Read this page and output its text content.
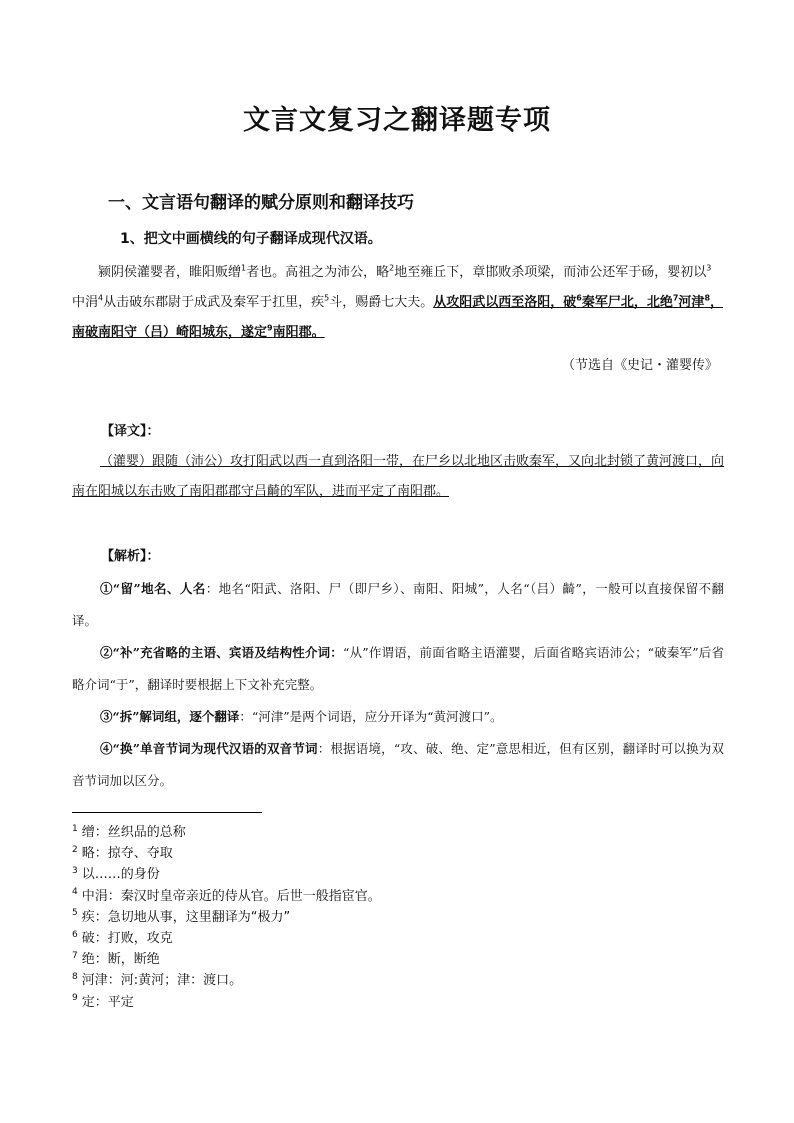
文言文复习之翻译题专项
一、文言语句翻译的赋分原则和翻译技巧
1、把文中画横线的句子翻译成现代汉语。
颍阴侯灌婴者，睢阳贩缯$^1$者也。高祖之为沛公，略$^2$地至雍丘下，章邯败杀项梁，而沛公还军于砀，婴初以$^3$中涓$^4$从击破东郡尉于成武及秦军于扛里，疾$^5$斗，赐爵七大夫。从攻阳武以西至洛阳，破$^6$秦军尸北，北绝$^7$河津$^8$，南破南阳守（吕）崎阳城东，遂定$^9$南阳郡。
（节选自《史记・灌婴传》
【译文】：
（灌婴）跟随（沛公）攻打阳武以西一直到洛阳一带，在尸乡以北地区击败秦军，又向北封锁了黄河渡口，向南在阳城以东击败了南阳郡郡守吕齮的军队，进而平定了南阳郡。
【解析】：
①“留”地名、人名：地名“阳武、洛阳、尸（即尸乡）、南阳、阳城”，人名“（吕）齮”，一般可以直接保留不翻译。
②“补”充省略的主语、宾语及结构性介词：“从”作谓语，前面省略主语灌婴，后面省略宾语沛公；“破秦军”后省略介词“于”，翻译时要根据上下文补充完整。
③“拆”解词组，逐个翻译：“河津”是两个词语，应分开译为“黄河渡口”。
④“换”单音节词为现代汉语的双音节词：根据语境，“攻、破、绝、定”意思相近，但有区别，翻译时可以换为双音节词加以区分。
$^1$ 缯：丝织品的总称
$^2$ 略：掠夺、夺取
$^3$ 以……的身份
$^4$ 中涓：秦汉时皇帝亲近的侍从官。后世一般指宦官。
$^5$ 疾：急切地从事，这里翻译为“极力”
$^6$ 破：打败，攻克
$^7$ 绝：断，断绝
$^8$ 河津：河:黄河；津：渡口。
$^9$ 定：平定
